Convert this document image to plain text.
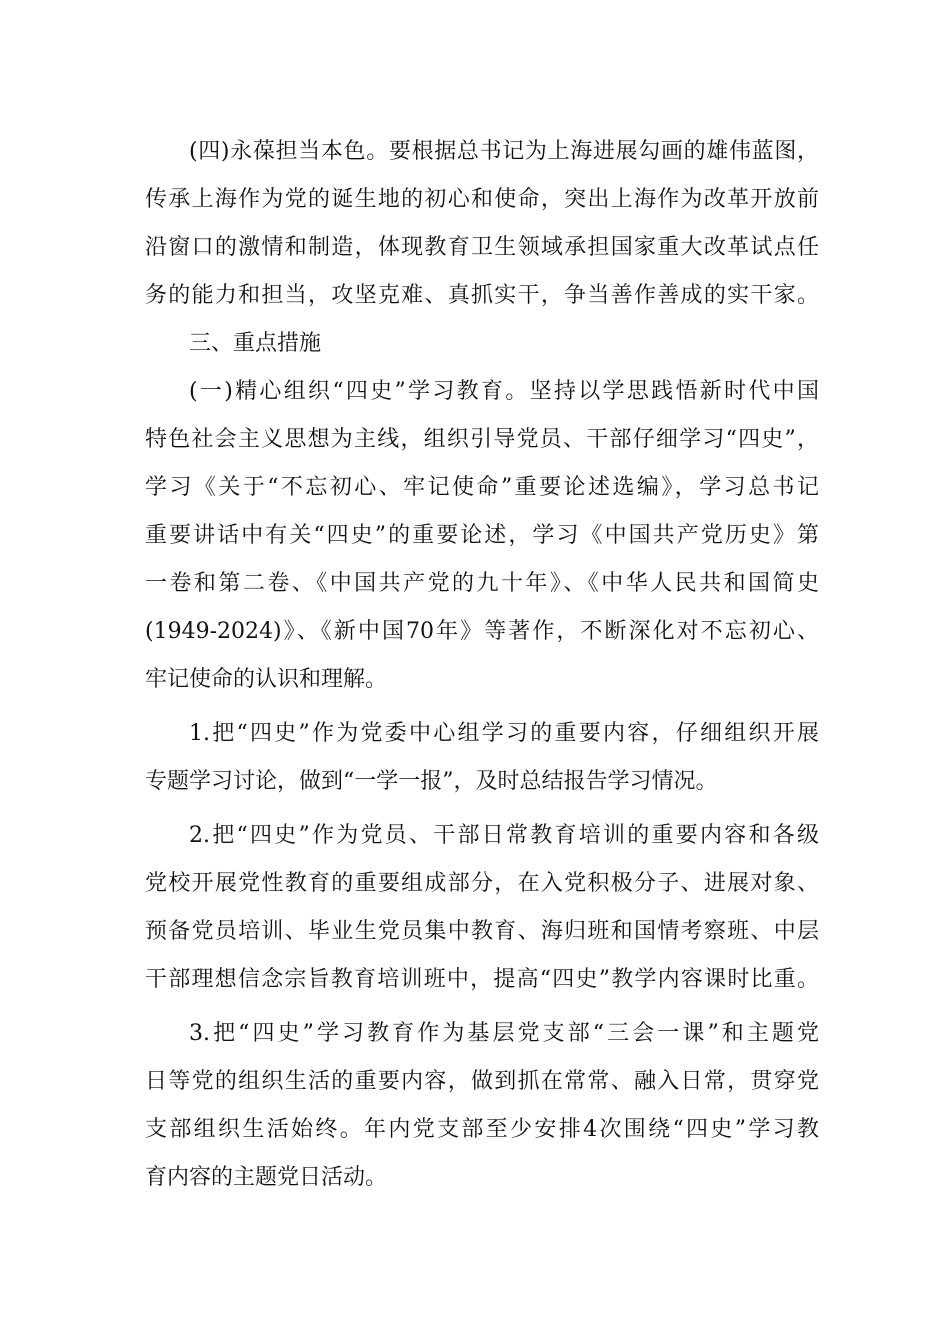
(四)永葆担当本色。要根据总书记为上海进展勾画的雄伟蓝图，
传承上海作为党的诞生地的初心和使命，突出上海作为改革开放前
沿窗口的激情和制造，体现教育卫生领域承担国家重大改革试点任
务的能力和担当，攻坚克难、真抓实干，争当善作善成的实干家。
三、重点措施
(一)精心组织“四史”学习教育。坚持以学思践悟新时代中国
特色社会主义思想为主线，组织引导党员、干部仔细学习“四史”，
学习《关于“不忘初心、牢记使命”重要论述选编》，学习总书记
重要讲话中有关“四史”的重要论述，学习《中国共产党历史》第
一卷和第二卷、《中国共产党的九十年》、《中华人民共和国简史
(1949-2024)》、《新中国70年》等著作，不断深化对不忘初心、
牢记使命的认识和理解。
1.把“四史”作为党委中心组学习的重要内容，仔细组织开展
专题学习讨论，做到“一学一报”，及时总结报告学习情况。
2.把“四史”作为党员、干部日常教育培训的重要内容和各级
党校开展党性教育的重要组成部分，在入党积极分子、进展对象、
预备党员培训、毕业生党员集中教育、海归班和国情考察班、中层
干部理想信念宗旨教育培训班中，提高“四史”教学内容课时比重。
3.把“四史”学习教育作为基层党支部“三会一课”和主题党
日等党的组织生活的重要内容，做到抓在常常、融入日常，贯穿党
支部组织生活始终。年内党支部至少安排4次围绕“四史”学习教
育内容的主题党日活动。
